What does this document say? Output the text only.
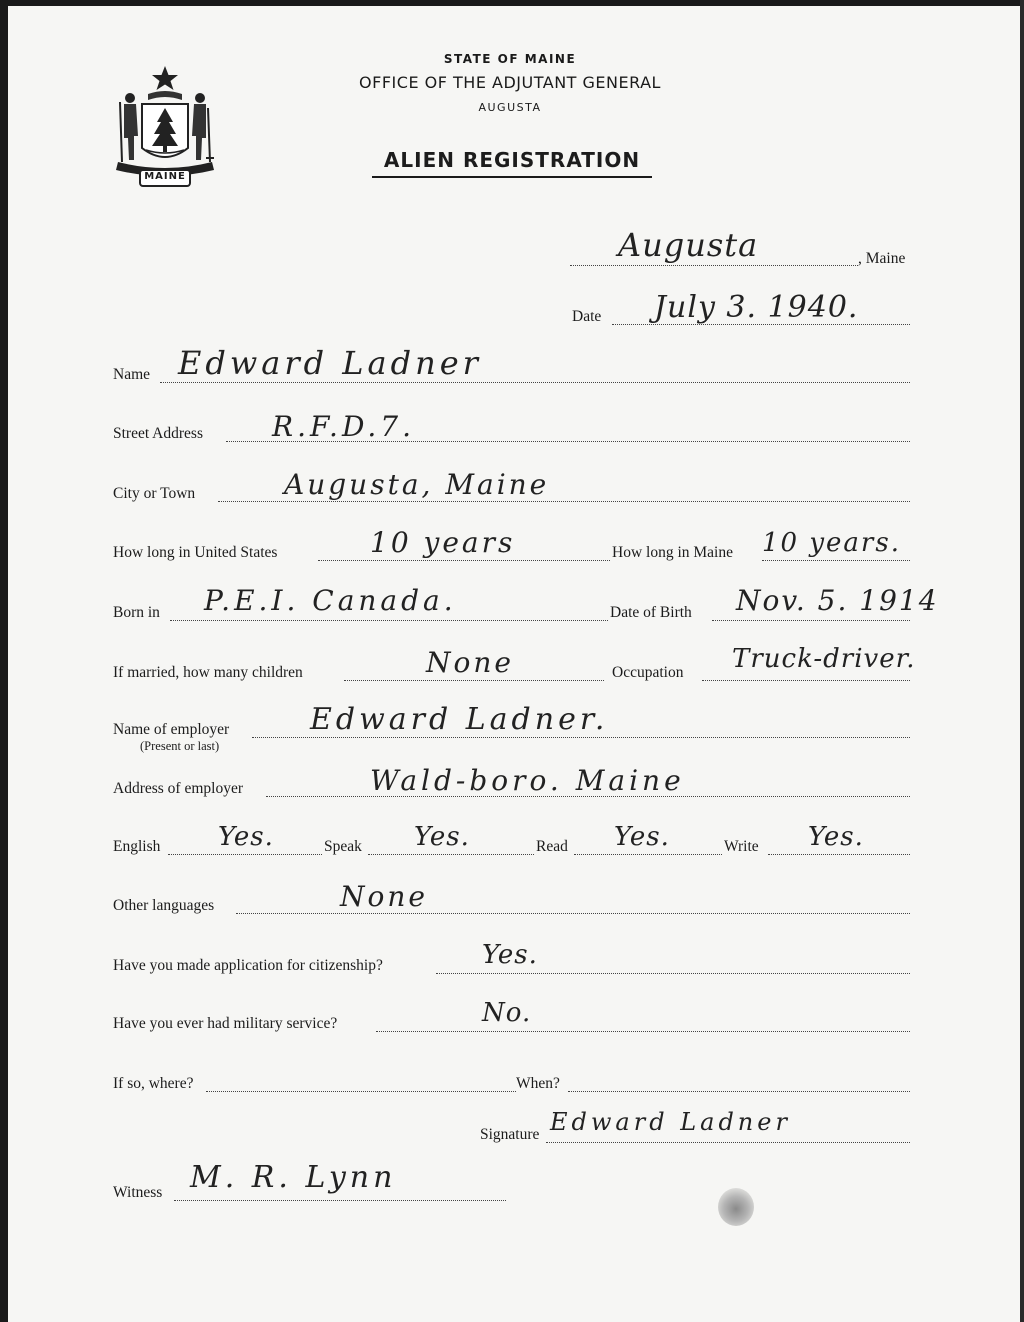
MAINE
STATE OF MAINE
OFFICE OF THE ADJUTANT GENERAL
AUGUSTA
ALIEN REGISTRATION
Augusta	, Maine
Date July 3. 1940.
Name Edward Ladner
Street Address R.F.D.7.
City or Town	Augusta, Maine
How long in United States	10 years	How long in Maine 10 years.
Born in P.E.I. Canada.	Date of Birth Nov. 5. 1914
If married, how many children	None	Occupation Truck-driver.
Name of employer
(Present or last)
Edward Ladner.
Address of employer	Wald-boro. Maine
English Yes.	Speak Yes.	Read Yes.	Write Yes.
Other languages	None
Have you made application for citizenship?	Yes.
Have you ever had military service?	No.
If so, where?	When?
Signature Edward Ladner
Witness M. R. Lynn
